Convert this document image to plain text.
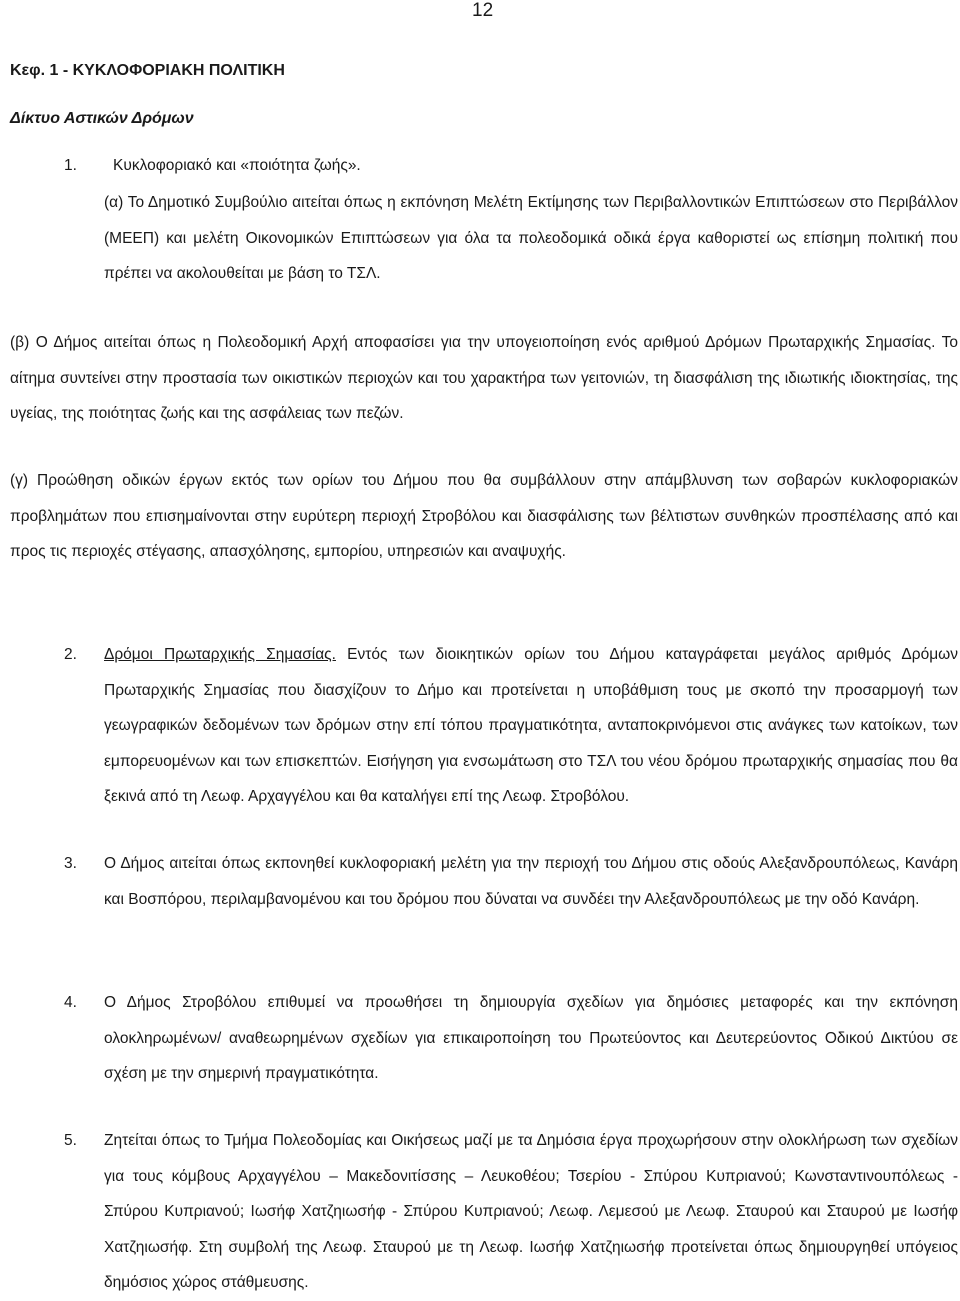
12
Κεφ. 1 - ΚΥΚΛΟΦΟΡΙΑΚΗ ΠΟΛΙΤΙΚΗ
Δίκτυο Αστικών Δρόμων
1. Κυκλοφοριακό και «ποιότητα ζωής».

(α) Το Δημοτικό Συμβούλιο αιτείται όπως η εκπόνηση Μελέτη Εκτίμησης των Περιβαλλοντικών Επιπτώσεων στο Περιβάλλον (ΜΕΕΠ) και μελέτη Οικονομικών Επιπτώσεων για όλα τα πολεοδομικά οδικά έργα καθοριστεί ως επίσημη πολιτική που πρέπει να ακολουθείται με βάση το ΤΣΛ.

(β) Ο Δήμος αιτείται όπως η Πολεοδομική Αρχή αποφασίσει για την υπογειοποίηση ενός αριθμού Δρόμων Πρωταρχικής Σημασίας. Το αίτημα συντείνει στην προστασία των οικιστικών περιοχών και του χαρακτήρα των γειτονιών, τη διασφάλιση της ιδιωτικής ιδιοκτησίας, της υγείας, της ποιότητας ζωής και της ασφάλειας των πεζών.

(γ) Προώθηση οδικών έργων εκτός των ορίων του Δήμου που θα συμβάλλουν στην απάμβλυνση των σοβαρών κυκλοφοριακών προβλημάτων που επισημαίνονται στην ευρύτερη περιοχή Στροβόλου και διασφάλισης των βέλτιστων συνθηκών προσπέλασης από και προς τις περιοχές στέγασης, απασχόλησης, εμπορίου, υπηρεσιών και αναψυχής.

2.	Δρόμοι Πρωταρχικής Σημασίας. Εντός των διοικητικών ορίων του Δήμου καταγράφεται μεγάλος αριθμός Δρόμων Πρωταρχικής Σημασίας που διασχίζουν το Δήμο και προτείνεται η υποβάθμιση τους με σκοπό την προσαρμογή των γεωγραφικών δεδομένων των δρόμων στην επί τόπου πραγματικότητα, ανταποκρινόμενοι στις ανάγκες των κατοίκων, των εμπορευομένων και των επισκεπτών. Εισήγηση για ενσωμάτωση στο ΤΣΛ του νέου δρόμου πρωταρχικής σημασίας που θα ξεκινά από τη Λεωφ. Αρχαγγέλου και θα καταλήγει επί της Λεωφ. Στροβόλου.

3.	Ο Δήμος αιτείται όπως εκπονηθεί κυκλοφοριακή μελέτη για την περιοχή του Δήμου στις οδούς Αλεξανδρουπόλεως, Κανάρη και Βοσπόρου, περιλαμβανομένου και του δρόμου που δύναται να συνδέει την Αλεξανδρουπόλεως με την οδό Κανάρη.

4.	Ο Δήμος Στροβόλου επιθυμεί να προωθήσει τη δημιουργία σχεδίων για δημόσιες μεταφορές και την εκπόνηση ολοκληρωμένων/ αναθεωρημένων σχεδίων για επικαιροποίηση του Πρωτεύοντος και Δευτερεύοντος Οδικού Δικτύου σε σχέση με την σημερινή πραγματικότητα.

5.	Ζητείται όπως το Τμήμα Πολεοδομίας και Οικήσεως μαζί με τα Δημόσια έργα προχωρήσουν στην ολοκλήρωση των σχεδίων για τους κόμβους Αρχαγγέλου – Μακεδονιτίσσης – Λευκοθέου; Τσερίου - Σπύρου Κυπριανού; Κωνσταντινουπόλεως - Σπύρου Κυπριανού; Ιωσήφ Χατζηιωσήφ - Σπύρου Κυπριανού; Λεωφ. Λεμεσού με Λεωφ. Σταυρού και Σταυρού με Ιωσήφ Χατζηιωσήφ. Στη συμβολή της Λεωφ. Σταυρού με τη Λεωφ. Ιωσήφ Χατζηιωσήφ προτείνεται όπως δημιουργηθεί υπόγειος δημόσιος χώρος στάθμευσης.
